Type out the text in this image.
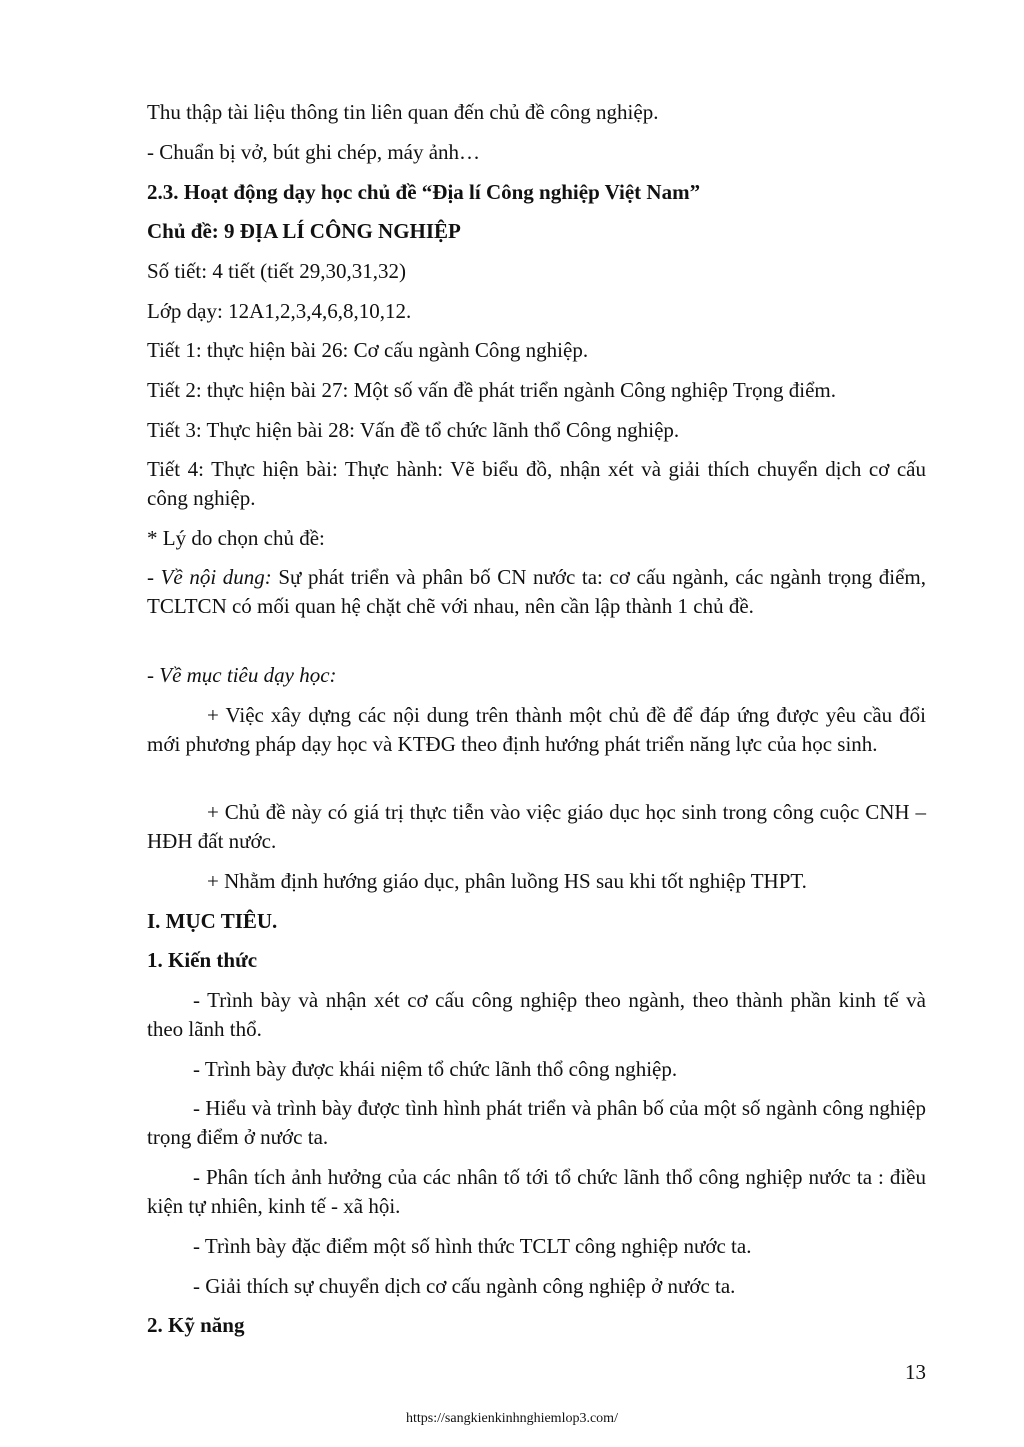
Thu thập tài liệu thông tin liên quan đến chủ đề công nghiệp.

- Chuẩn bị vở, bút ghi chép, máy ảnh…

2.3. Hoạt động dạy học chủ đề “Địa lí Công nghiệp Việt Nam”

Chủ đề: 9 ĐỊA LÍ CÔNG NGHIỆP

Số tiết: 4 tiết (tiết 29,30,31,32)

Lớp dạy: 12A1,2,3,4,6,8,10,12.

Tiết 1: thực hiện bài 26: Cơ cấu ngành Công nghiệp.

Tiết 2: thực hiện bài 27: Một số vấn đề phát triển ngành Công nghiệp Trọng điểm.

Tiết 3: Thực hiện bài 28: Vấn đề tổ chức lãnh thổ Công nghiệp.

Tiết 4: Thực hiện bài: Thực hành: Vẽ biểu đồ, nhận xét và giải thích chuyển dịch cơ cấu công nghiệp.

* Lý do chọn chủ đề:

- Về nội dung: Sự phát triển và phân bố CN nước ta: cơ cấu ngành, các ngành trọng điểm, TCLTCN có mối quan hệ chặt chẽ với nhau, nên cần lập thành 1 chủ đề.

- Về mục tiêu dạy học:

+ Việc xây dựng các nội dung trên thành một chủ đề để đáp ứng được yêu cầu đổi mới phương pháp dạy học và KTĐG theo định hướng phát triển năng lực của học sinh.

+ Chủ đề này có giá trị thực tiễn vào việc giáo dục học sinh trong công cuộc CNH – HĐH đất nước.

+ Nhằm định hướng giáo dục, phân luồng HS sau khi tốt nghiệp THPT.

I. MỤC TIÊU.

1. Kiến thức

- Trình bày và nhận xét cơ cấu công nghiệp theo ngành, theo thành phần kinh tế và theo lãnh thổ.

- Trình bày được khái niệm tổ chức lãnh thổ công nghiệp.

- Hiểu và trình bày được tình hình phát triển và phân bố của một số ngành công nghiệp trọng điểm ở nước ta.

- Phân tích ảnh hưởng của các nhân tố tới tổ chức lãnh thổ công nghiệp nước ta : điều kiện tự nhiên, kinh tế - xã hội.

- Trình bày đặc điểm một số hình thức TCLT công nghiệp nước ta.

- Giải thích sự chuyển dịch cơ cấu ngành công nghiệp ở nước ta.

2. Kỹ năng

13
https://sangkienkinhnghiemlop3.com/
